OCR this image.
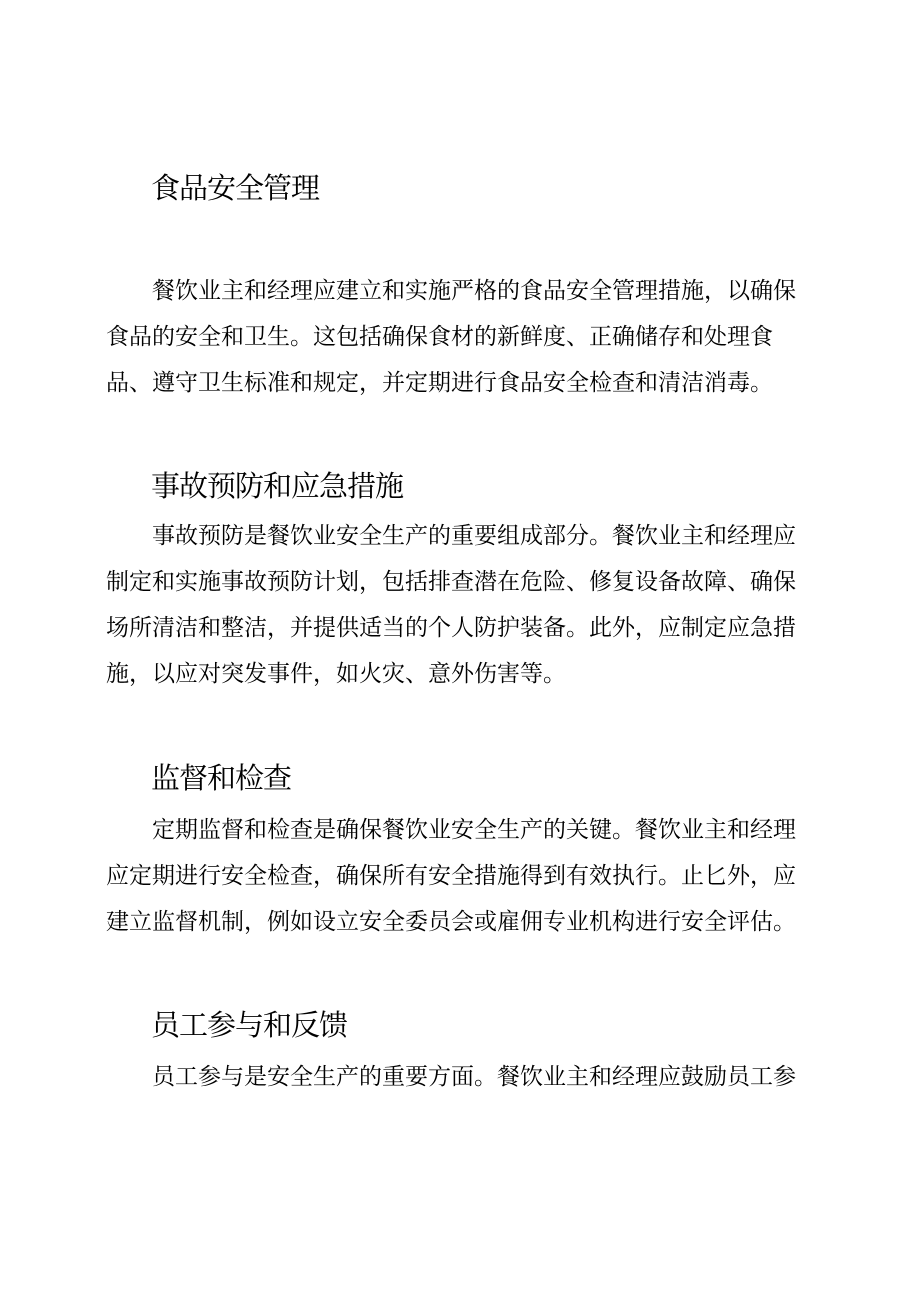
食品安全管理
餐饮业主和经理应建立和实施严格的食品安全管理措施，以确保
食品的安全和卫生。这包括确保食材的新鲜度、正确储存和处理食
品、遵守卫生标准和规定，并定期进行食品安全检查和清洁消毒。
事故预防和应急措施
事故预防是餐饮业安全生产的重要组成部分。餐饮业主和经理应
制定和实施事故预防计划，包括排查潜在危险、修复设备故障、确保
场所清洁和整洁，并提供适当的个人防护装备。此外，应制定应急措
施，以应对突发事件，如火灾、意外伤害等。
监督和检查
定期监督和检查是确保餐饮业安全生产的关键。餐饮业主和经理
应定期进行安全检查，确保所有安全措施得到有效执行。止匕外，应
建立监督机制，例如设立安全委员会或雇佣专业机构进行安全评估。
员工参与和反馈
员工参与是安全生产的重要方面。餐饮业主和经理应鼓励员工参
